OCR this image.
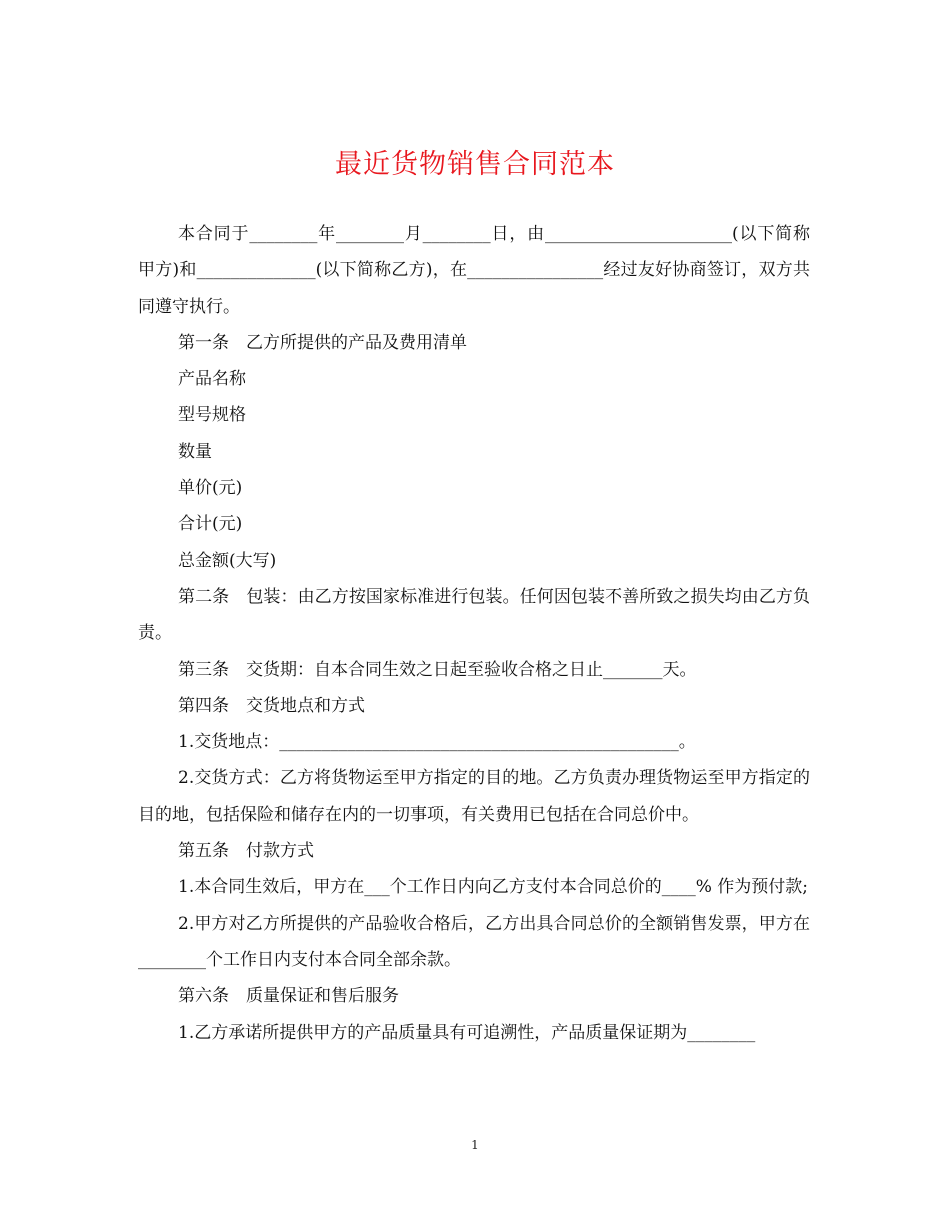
最近货物销售合同范本

本合同于________年________月________日，由______________________(以下简称甲方)和______________(以下简称乙方)，在________________经过友好协商签订，双方共同遵守执行。

第一条　乙方所提供的产品及费用清单

产品名称

型号规格

数量

单价(元)

合计(元)

总金额(大写)

第二条　包装：由乙方按国家标准进行包装。任何因包装不善所致之损失均由乙方负责。

第三条　交货期：自本合同生效之日起至验收合格之日止_______天。

第四条　交货地点和方式

1.交货地点：_______________________________________________。

2.交货方式：乙方将货物运至甲方指定的目的地。乙方负责办理货物运至甲方指定的目的地，包括保险和储存在内的一切事项，有关费用已包括在合同总价中。

第五条　付款方式

1.本合同生效后，甲方在___个工作日内向乙方支付本合同总价的____% 作为预付款;

2.甲方对乙方所提供的产品验收合格后，乙方出具合同总价的全额销售发票，甲方在________个工作日内支付本合同全部余款。

第六条　质量保证和售后服务

1.乙方承诺所提供甲方的产品质量具有可追溯性，产品质量保证期为________

1
